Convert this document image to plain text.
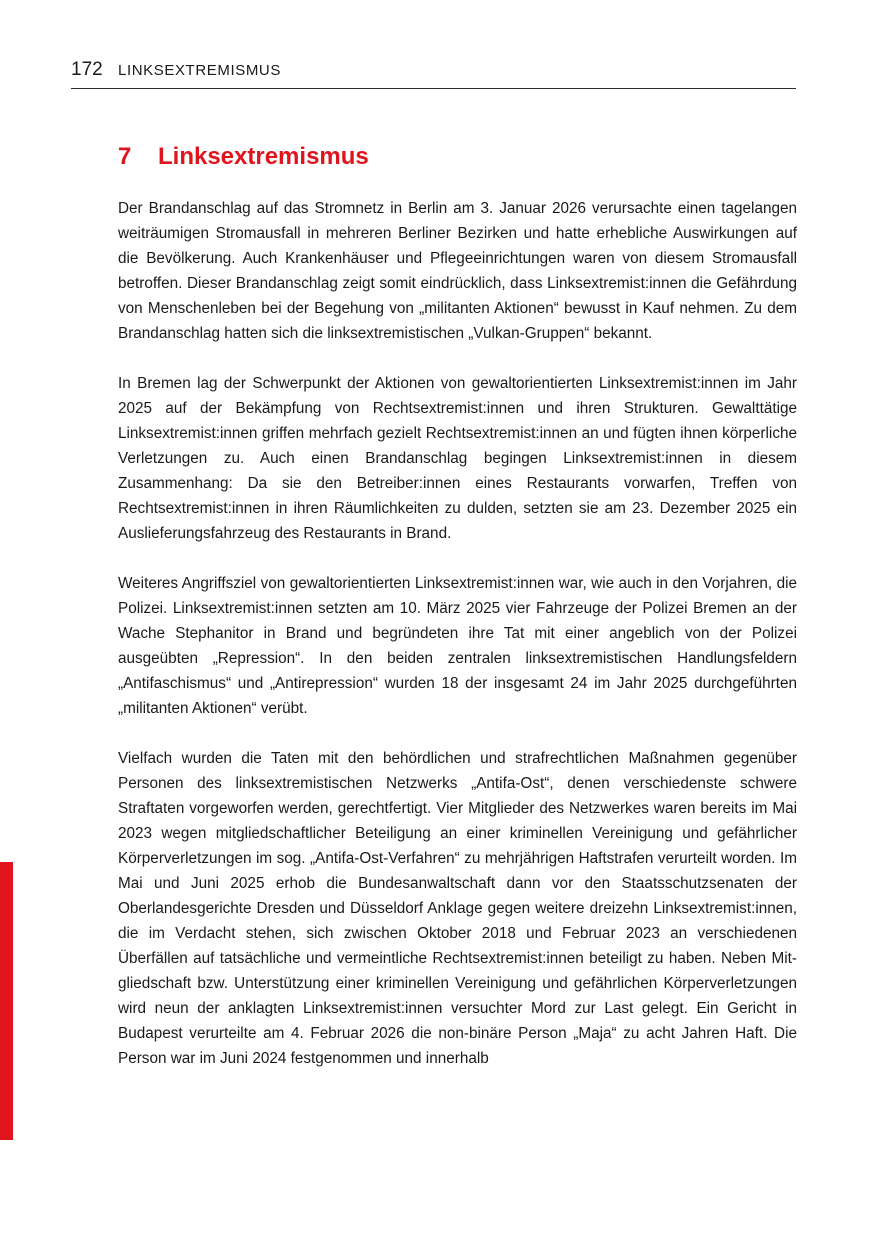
172 LINKSEXTREMISMUS
7 Linksextremismus

Der Brandanschlag auf das Stromnetz in Berlin am 3. Januar 2026 verursachte einen tagelangen weiträumigen Stromausfall in mehreren Berliner Bezirken und hatte erhebliche Auswirkungen auf die Bevölkerung. Auch Krankenhäuser und Pflegeeinrichtungen waren von diesem Stromausfall betroffen. Dieser Brandanschlag zeigt somit eindrücklich, dass Linksextremist:innen die Gefährdung von Menschenleben bei der Begehung von „militanten Aktionen“ bewusst in Kauf nehmen. Zu dem Brandanschlag hatten sich die linksextremistischen „Vulkan-Gruppen“ bekannt.

In Bremen lag der Schwerpunkt der Aktionen von gewaltorientierten Linksextremist:innen im Jahr 2025 auf der Bekämpfung von Rechtsextremist:innen und ihren Strukturen. Gewalttätige Linksextremist:innen griffen mehrfach gezielt Rechtsextremist:innen an und fügten ihnen körperliche Verletzungen zu. Auch einen Brandanschlag begingen Linksextremist:innen in diesem Zusammenhang: Da sie den Betreiber:innen eines Restaurants vorwarfen, Treffen von Rechtsextremist:innen in ihren Räumlichkeiten zu dulden, setzten sie am 23. Dezember 2025 ein Auslieferungsfahrzeug des Restaurants in Brand.

Weiteres Angriffsziel von gewaltorientierten Linksextremist:innen war, wie auch in den Vorjahren, die Polizei. Linksextremist:innen setzten am 10. März 2025 vier Fahrzeuge der Polizei Bremen an der Wache Stephanitor in Brand und begründeten ihre Tat mit einer angeblich von der Polizei ausgeübten „Repression“. In den beiden zentralen linksextremistischen Handlungsfeldern „Antifaschismus“ und „Antirepression“ wurden 18 der insgesamt 24 im Jahr 2025 durchgeführten „militanten Aktionen“ verübt.

Vielfach wurden die Taten mit den behördlichen und strafrechtlichen Maßnahmen gegenüber Personen des linksextremistischen Netzwerks „Antifa-Ost“, denen verschiedenste schwere Straftaten vorgeworfen werden, gerechtfertigt. Vier Mitglieder des Netzwerkes waren bereits im Mai 2023 wegen mitgliedschaftlicher Beteiligung an einer kriminellen Vereinigung und gefährlicher Körperverletzungen im sog. „Antifa-Ost-Verfahren“ zu mehrjährigen Haftstrafen verurteilt worden. Im Mai und Juni 2025 erhob die Bundesanwaltschaft dann vor den Staatsschutzsenaten der Oberlandesgerichte Dresden und Düsseldorf Anklage gegen weitere dreizehn Linksextremist:innen, die im Verdacht stehen, sich zwischen Oktober 2018 und Februar 2023 an verschiedenen Überfällen auf tatsächliche und vermeintliche Rechtsextremist:innen beteiligt zu haben. Neben Mitgliedschaft bzw. Unterstützung einer kriminellen Vereinigung und gefährlichen Körperverletzungen wird neun der anklagten Linksextremist:innen versuchter Mord zur Last gelegt. Ein Gericht in Budapest verurteilte am 4. Februar 2026 die non-binäre Person „Maja“ zu acht Jahren Haft. Die Person war im Juni 2024 festgenommen und innerhalb
